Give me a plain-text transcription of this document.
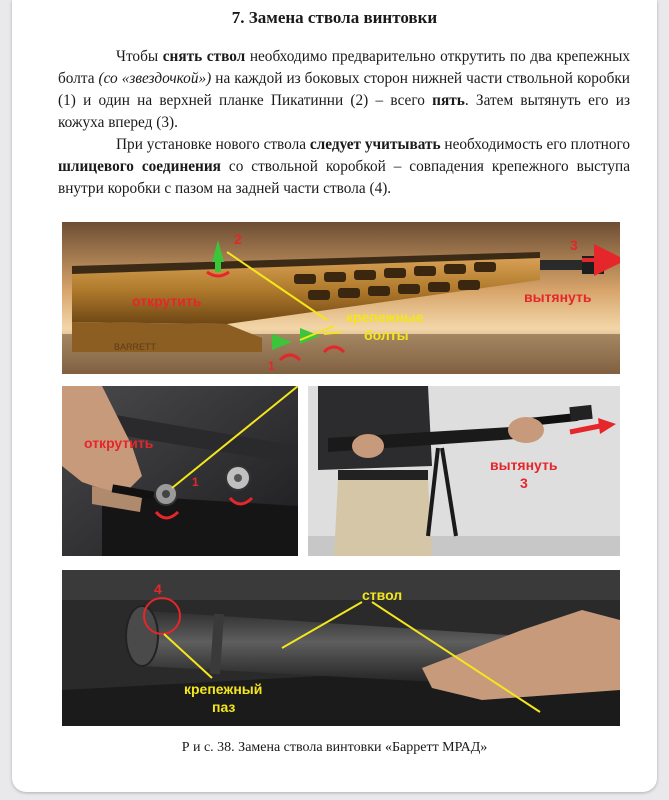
7. Замена ствола винтовки

Чтобы снять ствол необходимо предварительно открутить по два крепежных болта (со «звездочкой») на каждой из боковых сторон нижней части ствольной коробки (1) и один на верхней планке Пикатинни (2) – всего пять. Затем вытянуть его из кожуха вперед (3).

При установке нового ствола следует учитывать необходимость его плотного шлицевого соединения со ствольной коробкой – совпадения крепежного выступа внутри коробки с пазом на задней части ствола (4).

BARRETT
2	3
открутить	вытянуть
крепежные
болты
1
открутить
1
вытянуть
3
4	ствол
крепежный
паз
Р и с. 38. Замена ствола винтовки «Барретт МРАД»
